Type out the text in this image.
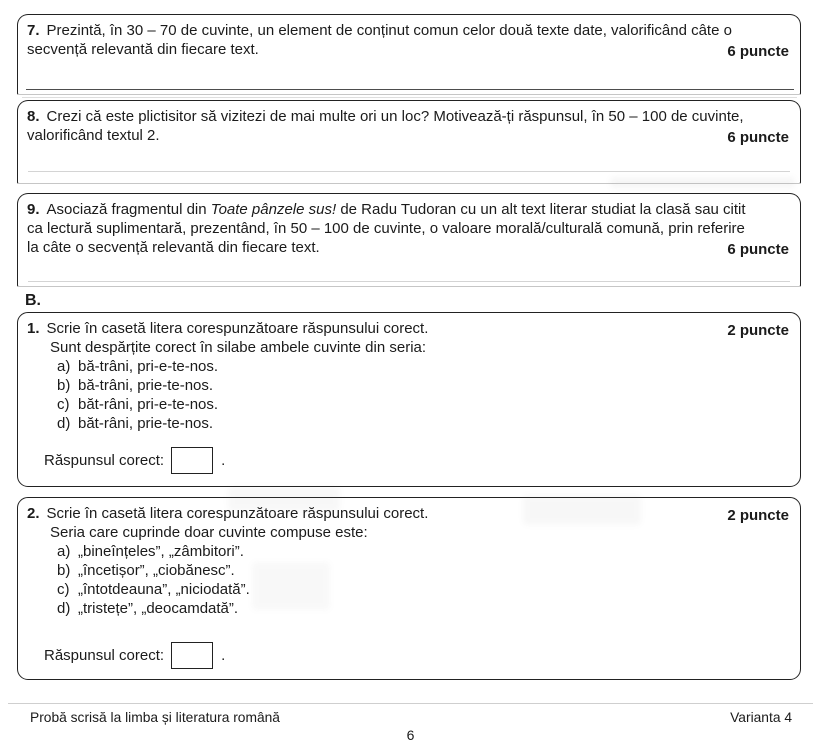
7. Prezintă, în 30 – 70 de cuvinte, un element de conținut comun celor două texte date, valorificând câte o
secvență relevantă din fiecare text.	6 puncte
8. Crezi că este plictisitor să vizitezi de mai multe ori un loc? Motivează-ți răspunsul, în 50 – 100 de cuvinte,
valorificând textul 2.	6 puncte
9. Asociază fragmentul din Toate pânzele sus! de Radu Tudoran cu un alt text literar studiat la clasă sau citit
ca lectură suplimentară, prezentând, în 50 – 100 de cuvinte, o valoare morală/culturală comună, prin referire
la câte o secvență relevantă din fiecare text.	6 puncte
B.
1. Scrie în casetă litera corespunzătoare răspunsului corect.	2 puncte
Sunt despărțite corect în silabe ambele cuvinte din seria:
a) bă-trâni, pri-e-te-nos.
b) bă-trâni, prie-te-nos.
c) băt-râni, pri-e-te-nos.
d) băt-râni, prie-te-nos.
Răspunsul corect:	.
2. Scrie în casetă litera corespunzătoare răspunsului corect.	2 puncte
Seria care cuprinde doar cuvinte compuse este:
a) „bineînțeles”, „zâmbitori”.
b) „încetișor”, „ciobănesc”.
c) „întotdeauna”, „niciodată”.
d) „tristețe”, „deocamdată”.
Răspunsul corect:	.
Probă scrisă la limba și literatura română	Varianta 4
6
